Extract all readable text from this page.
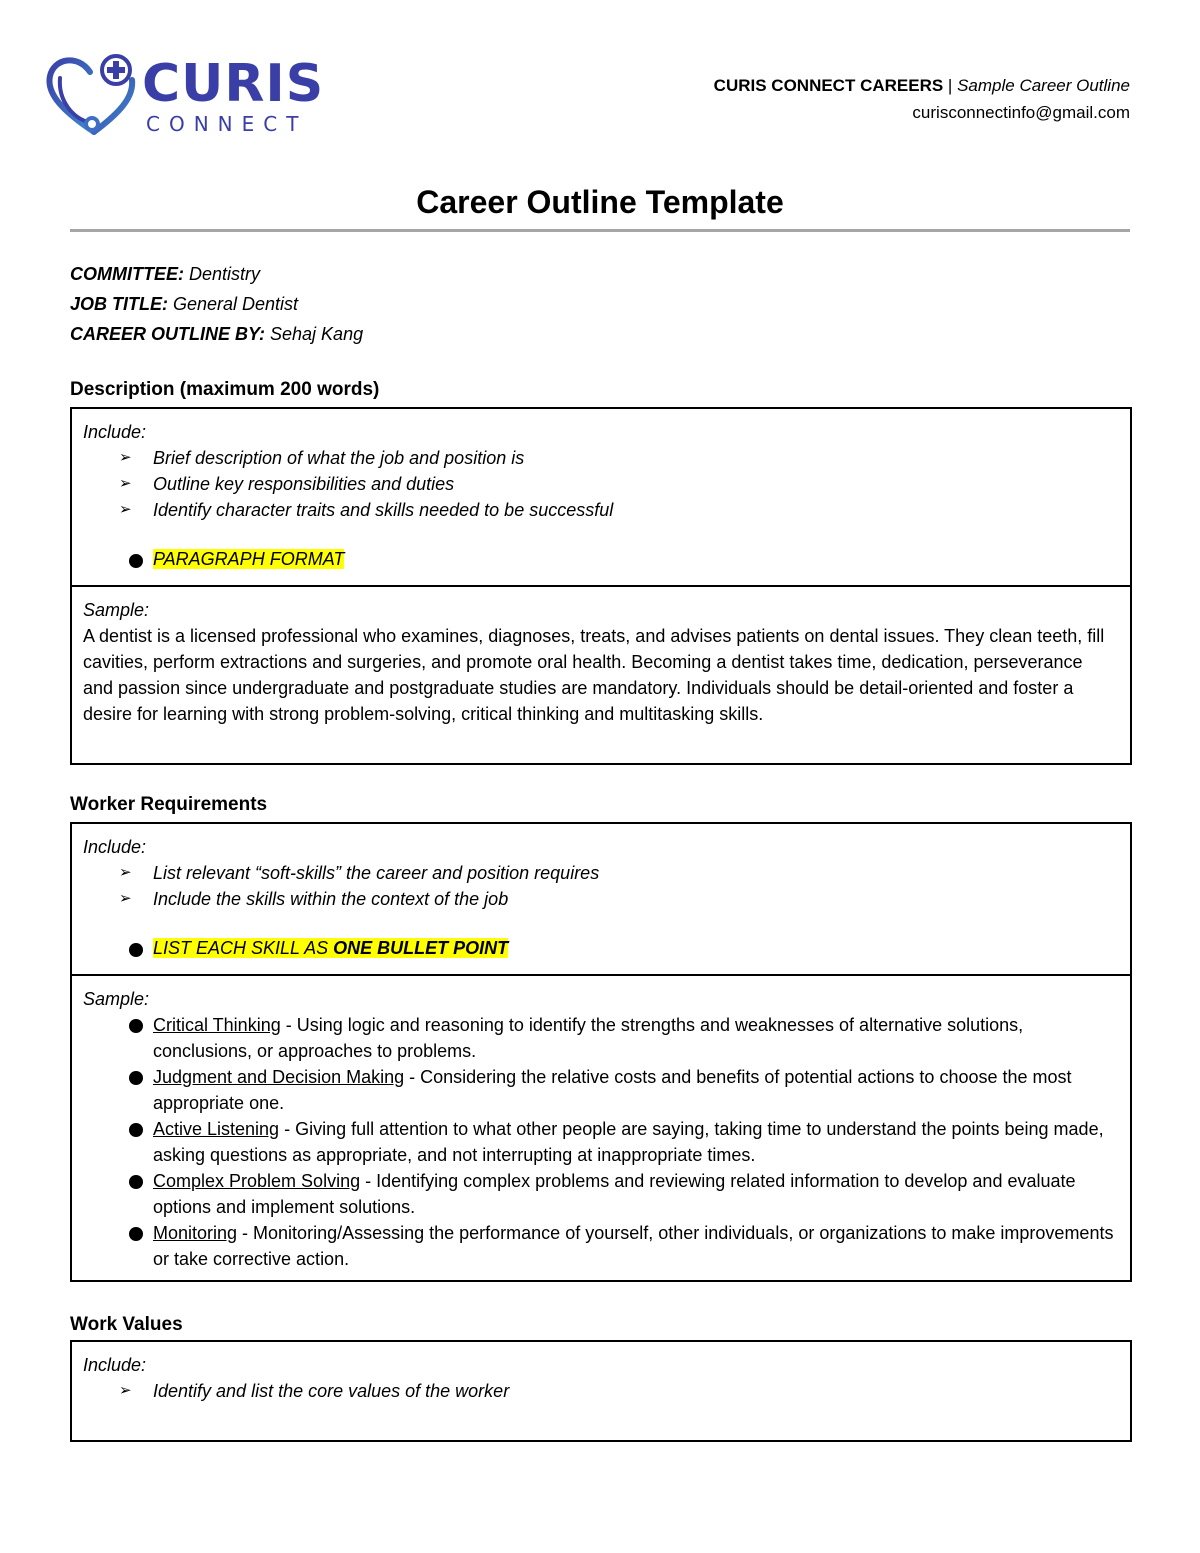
CURIS
CONNECT
CURIS CONNECT CAREERS | Sample Career Outline
curisconnectinfo@gmail.com
Career Outline Template
COMMITTEE: Dentistry
JOB TITLE: General Dentist
CAREER OUTLINE BY: Sehaj Kang
Description (maximum 200 words)
Include:
➢ Brief description of what the job and position is
➢ Outline key responsibilities and duties
➢ Identify character traits and skills needed to be successful
PARAGRAPH FORMAT
Sample:
A dentist is a licensed professional who examines, diagnoses, treats, and advises patients on dental issues. They clean teeth, fill cavities, perform extractions and surgeries, and promote oral health. Becoming a dentist takes time, dedication, perseverance and passion since undergraduate and postgraduate studies are mandatory. Individuals should be detail-oriented and foster a desire for learning with strong problem-solving, critical thinking and multitasking skills.
Worker Requirements
Include:
➢ List relevant “soft-skills” the career and position requires
➢ Include the skills within the context of the job
LIST EACH SKILL AS ONE BULLET POINT
Sample:
Critical Thinking - Using logic and reasoning to identify the strengths and weaknesses of alternative solutions, conclusions, or approaches to problems.
Judgment and Decision Making - Considering the relative costs and benefits of potential actions to choose the most appropriate one.
Active Listening - Giving full attention to what other people are saying, taking time to understand the points being made, asking questions as appropriate, and not interrupting at inappropriate times.
Complex Problem Solving - Identifying complex problems and reviewing related information to develop and evaluate options and implement solutions.
Monitoring - Monitoring/Assessing the performance of yourself, other individuals, or organizations to make improvements or take corrective action.
Work Values
Include:
➢ Identify and list the core values of the worker
